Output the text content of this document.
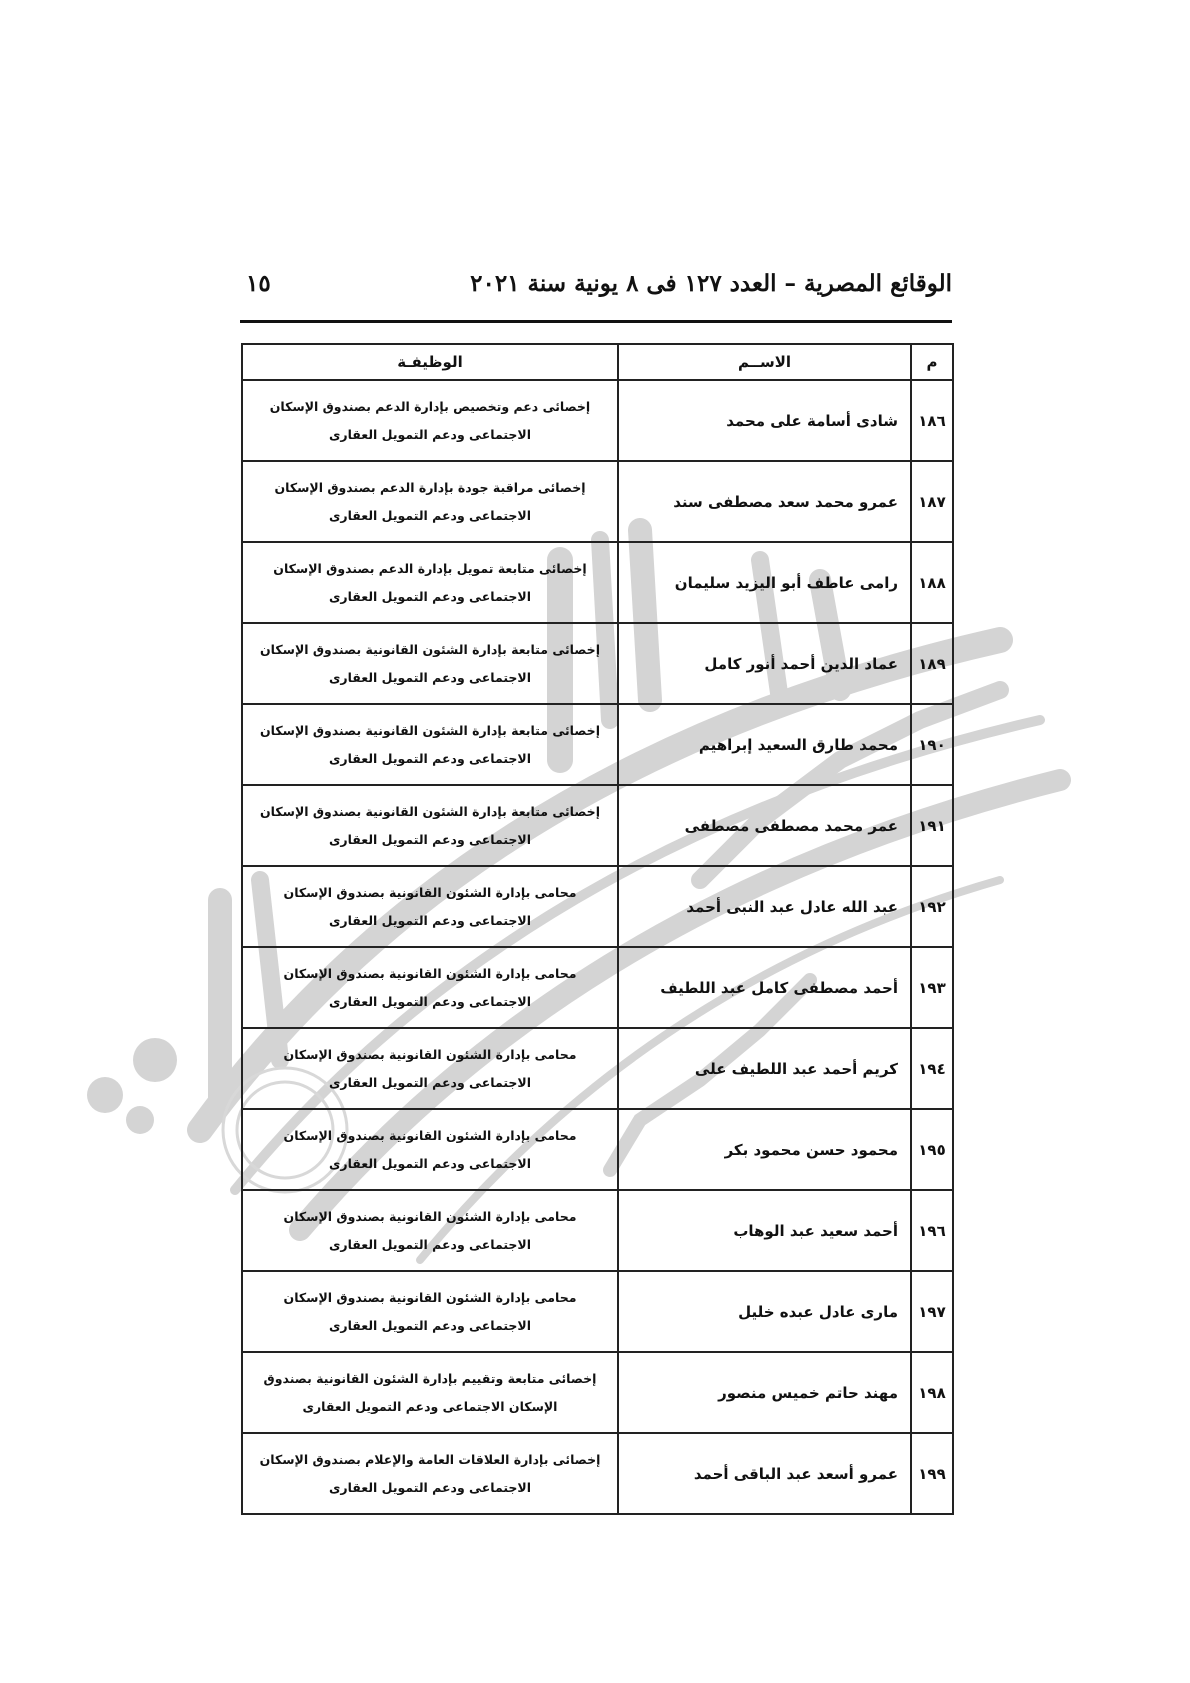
الوقائع المصرية – العدد ١٢٧ فى ٨ يونية سنة ٢٠٢١
١٥
م	الاســم	الوظيفـة
١٨٦	شادى أسامة على محمد	إخصائى دعم وتخصيص بإدارة الدعم بصندوق الإسكان الاجتماعى ودعم التمويل العقارى
١٨٧	عمرو محمد سعد مصطفى سند	إخصائى مراقبة جودة بإدارة الدعم بصندوق الإسكان الاجتماعى ودعم التمويل العقارى
١٨٨	رامى عاطف أبو اليزيد سليمان	إخصائى متابعة تمويل بإدارة الدعم بصندوق الإسكان الاجتماعى ودعم التمويل العقارى
١٨٩	عماد الدين أحمد أنور كامل	إخصائى متابعة بإدارة الشئون القانونية بصندوق الإسكان الاجتماعى ودعم التمويل العقارى
١٩٠	محمد طارق السعيد إبراهيم	إخصائى متابعة بإدارة الشئون القانونية بصندوق الإسكان الاجتماعى ودعم التمويل العقارى
١٩١	عمر محمد مصطفى مصطفى	إخصائى متابعة بإدارة الشئون القانونية بصندوق الإسكان الاجتماعى ودعم التمويل العقارى
١٩٢	عبد الله عادل عبد النبى أحمد	محامى بإدارة الشئون القانونية بصندوق الإسكان الاجتماعى ودعم التمويل العقارى
١٩٣	أحمد مصطفى كامل عبد اللطيف	محامى بإدارة الشئون القانونية بصندوق الإسكان الاجتماعى ودعم التمويل العقارى
١٩٤	كريم أحمد عبد اللطيف على	محامى بإدارة الشئون القانونية بصندوق الإسكان الاجتماعى ودعم التمويل العقارى
١٩٥	محمود حسن محمود بكر	محامى بإدارة الشئون القانونية بصندوق الإسكان الاجتماعى ودعم التمويل العقارى
١٩٦	أحمد سعيد عبد الوهاب	محامى بإدارة الشئون القانونية بصندوق الإسكان الاجتماعى ودعم التمويل العقارى
١٩٧	مارى عادل عبده خليل	محامى بإدارة الشئون القانونية بصندوق الإسكان الاجتماعى ودعم التمويل العقارى
١٩٨	مهند حاتم خميس منصور	إخصائى متابعة وتقييم بإدارة الشئون القانونية بصندوق الإسكان الاجتماعى ودعم التمويل العقارى
١٩٩	عمرو أسعد عبد الباقى أحمد	إخصائى بإدارة العلاقات العامة والإعلام بصندوق الإسكان الاجتماعى ودعم التمويل العقارى
